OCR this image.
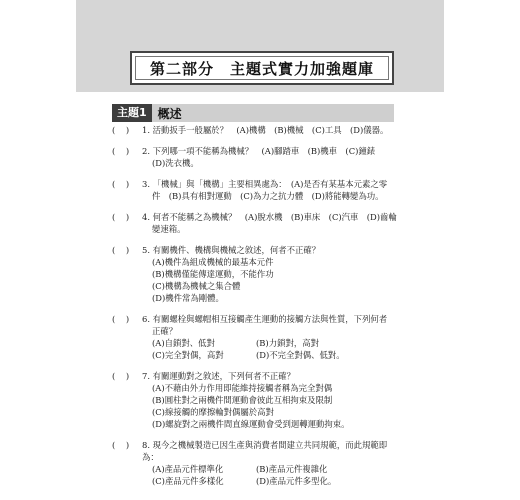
第二部分　主題式實力加強題庫
主題1 概述
(    )	1. 活動扳手一般屬於？　(A)機構　(B)機械　(C)工具　(D)儀器。
(    )	2. 下列哪一項不能稱為機械？　(A)腳踏車　(B)機車　(C)鐘錶
(D)洗衣機。
(    )	3. 「機械」與「機構」主要相異處為：　(A)是否有某基本元素之零
件　(B)具有相對運動　(C)為力之抗力體　(D)將能轉變為功。
(    )	4. 何者不能稱之為機械？　(A)脫水機　(B)車床　(C)汽車　(D)齒輪
變速箱。
(    )	5. 有關機件、機構與機械之敘述，何者不正確？
(A)機件為組成機械的最基本元件
(B)機構僅能傳達運動，不能作功
(C)機構為機械之集合體
(D)機件常為剛體。
(    )	6. 有關螺栓與螺帽相互接觸產生運動的接觸方法與性質，下列何者
正確？
(A)自鎖對、低對	(B)力鎖對，高對
(C)完全對偶，高對	(D)不完全對偶、低對。
(    )	7. 有關運動對之敘述，下列何者不正確？
(A)不藉由外力作用即能維持接觸者稱為完全對偶
(B)圓柱對之兩機件間運動會彼此互相拘束及限制
(C)線接觸的摩擦輪對偶屬於高對
(D)螺旋對之兩機件間直線運動會受到迴轉運動拘束。
(    )	8. 現今之機械製造已因生產與消費者間建立共同規範，而此規範即為：
(A)產品元件標準化	(B)產品元件複雜化
(C)產品元件多樣化	(D)產品元件多型化。
